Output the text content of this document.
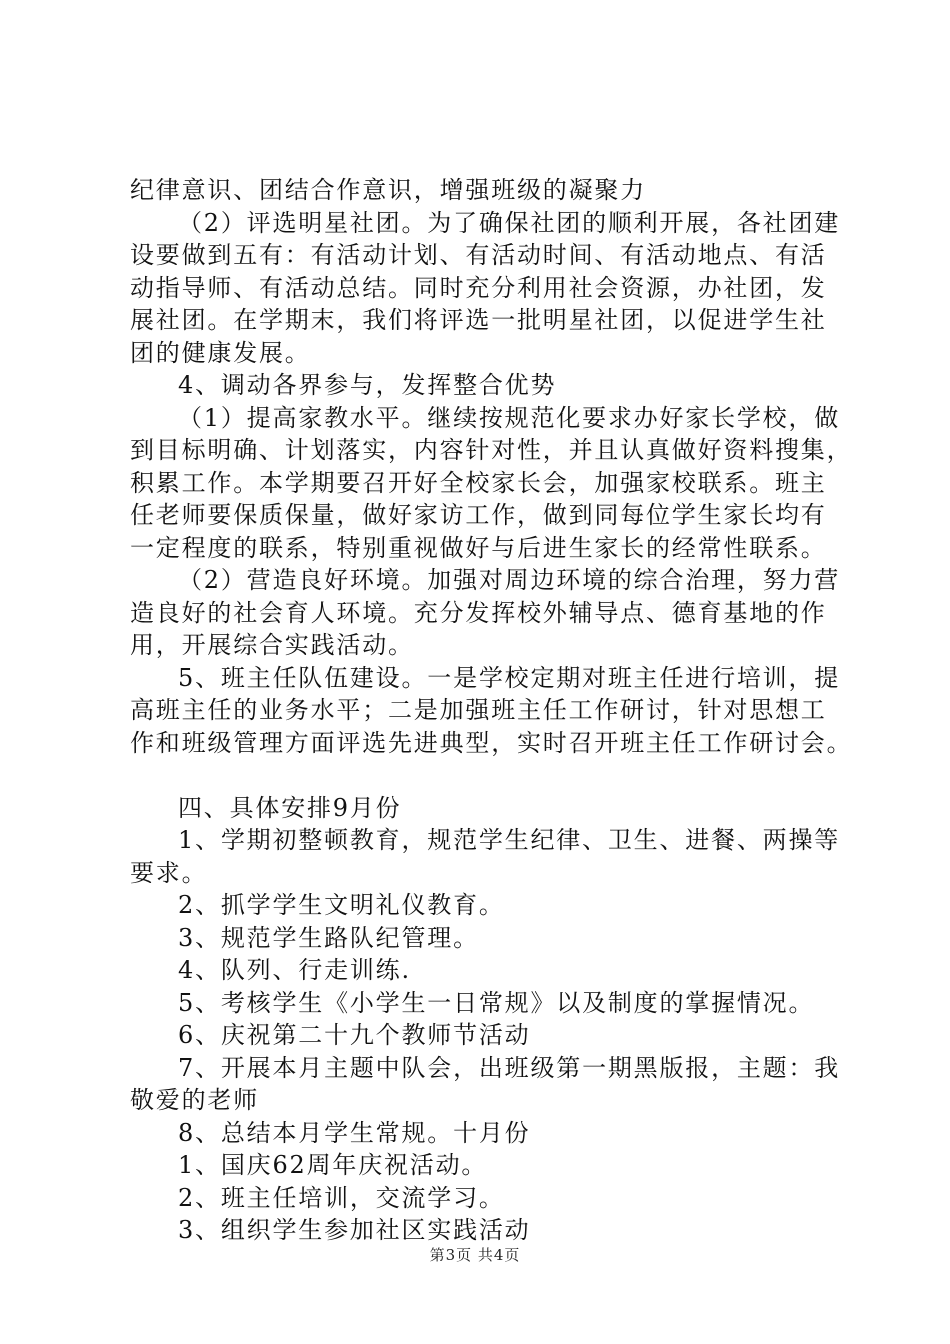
纪律意识、团结合作意识，增强班级的凝聚力
（2）评选明星社团。为了确保社团的顺利开展，各社团建
设要做到五有：有活动计划、有活动时间、有活动地点、有活
动指导师、有活动总结。同时充分利用社会资源，办社团，发
展社团。在学期末，我们将评选一批明星社团，以促进学生社
团的健康发展。
4、调动各界参与，发挥整合优势
（1）提高家教水平。继续按规范化要求办好家长学校，做
到目标明确、计划落实，内容针对性，并且认真做好资料搜集，
积累工作。本学期要召开好全校家长会，加强家校联系。班主
任老师要保质保量，做好家访工作，做到同每位学生家长均有
一定程度的联系，特别重视做好与后进生家长的经常性联系。
（2）营造良好环境。加强对周边环境的综合治理，努力营
造良好的社会育人环境。充分发挥校外辅导点、德育基地的作
用，开展综合实践活动。
5、班主任队伍建设。一是学校定期对班主任进行培训，提
高班主任的业务水平；二是加强班主任工作研讨，针对思想工
作和班级管理方面评选先进典型，实时召开班主任工作研讨会。
四、具体安排9月份
1、学期初整顿教育，规范学生纪律、卫生、进餐、两操等
要求。
2、抓学学生文明礼仪教育。
3、规范学生路队纪管理。
4、队列、行走训练.
5、考核学生《小学生一日常规》以及制度的掌握情况。
6、庆祝第二十九个教师节活动
7、开展本月主题中队会，出班级第一期黑版报，主题：我
敬爱的老师
8、总结本月学生常规。十月份
1、国庆62周年庆祝活动。
2、班主任培训，交流学习。
3、组织学生参加社区实践活动
第3页 共4页
